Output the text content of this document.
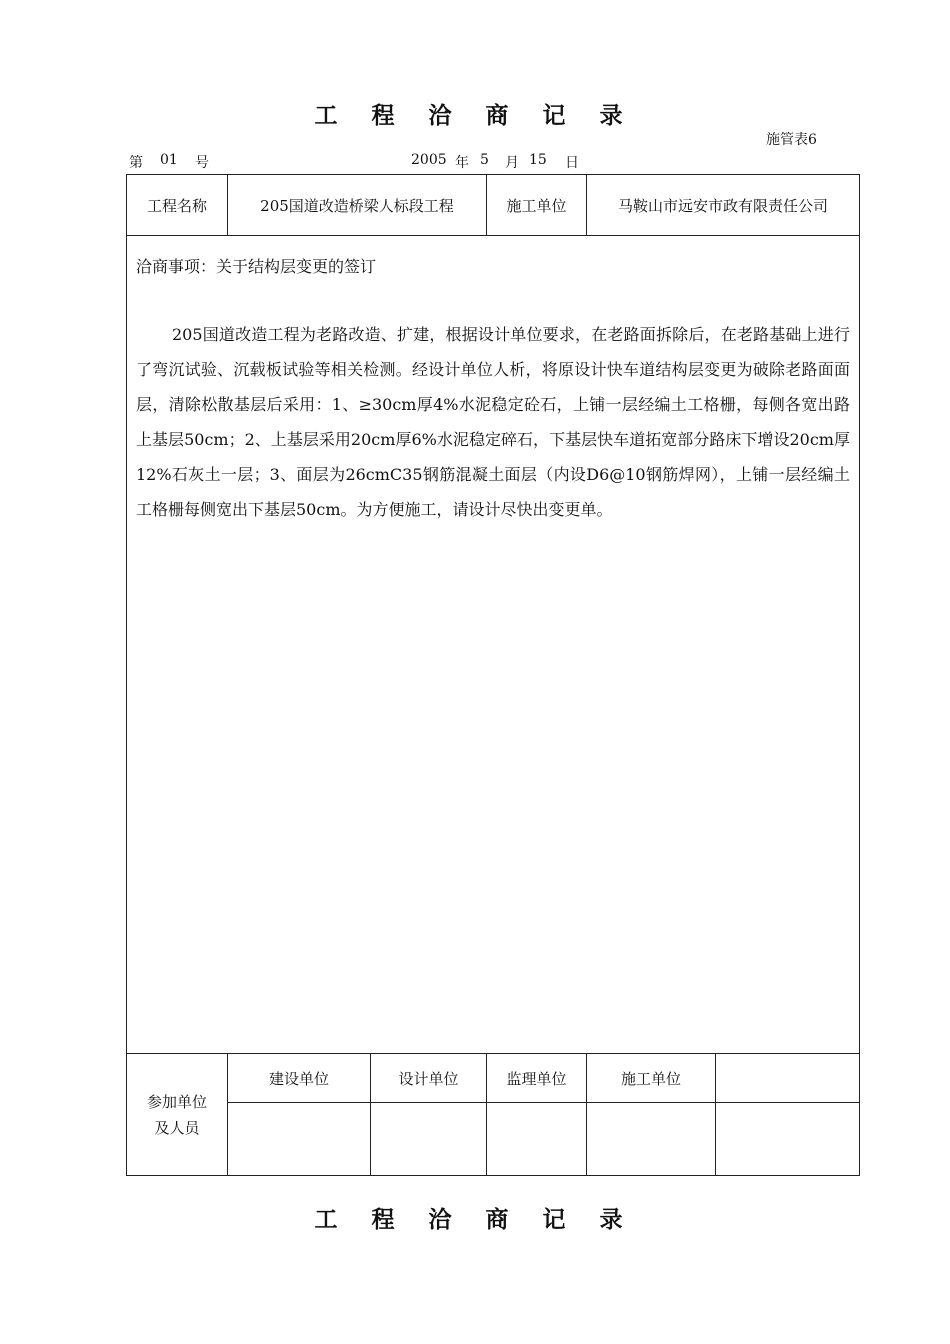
工 程 洽 商 记 录
施管表6
第 01 号	2005 年 5 月 15 日
工程名称	205国道改造桥梁人标段工程	施工单位	马鞍山市远安市政有限责任公司
洽商事项：关于结构层变更的签订

205国道改造工程为老路改造、扩建，根据设计单位要求，在老路面拆除后，在老路基础上进行了弯沉试验、沉载板试验等相关检测。经设计单位人析，将原设计快车道结构层变更为破除老路面面层，清除松散基层后采用：1、≥30cm厚4%水泥稳定砼石，上铺一层经编土工格栅，每侧各宽出路上基层50cm；2、上基层采用20cm厚6%水泥稳定碎石，下基层快车道拓宽部分路床下增设20cm厚12%石灰土一层；3、面层为26cmC35钢筋混凝土面层（内设D6@10钢筋焊网），上铺一层经编土工格栅每侧宽出下基层50cm。为方便施工，请设计尽快出变更单。

参加单位
及人员
建设单位	设计单位	监理单位	施工单位
工 程 洽 商 记 录
